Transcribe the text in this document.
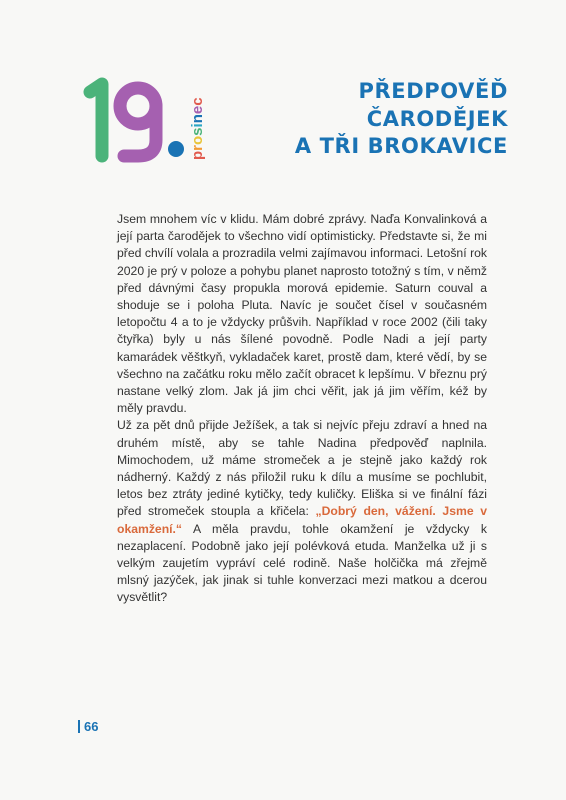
prosinec	PŘEDPOVĚĎ
ČARODĚJEK
A TŘI BROKAVICE

Jsem mnohem víc v klidu. Mám dobré zprávy. Naďa Konvalinková a její parta čarodějek to všechno vidí optimisticky. Představte si, že mi před chvílí volala a prozradila velmi zajímavou informaci. Letošní rok 2020 je prý v poloze a pohybu planet naprosto totožný s tím, v němž před dávnými časy propukla morová epidemie. Saturn couval a shoduje se i poloha Pluta. Navíc je součet čísel v současném letopočtu 4 a to je vždycky průšvih. Například v roce 2002 (čili taky čtyřka) byly u nás šílené povodně. Podle Nadi a její party kamarádek věštkyň, vykladaček karet, prostě dam, které vědí, by se všechno na začátku roku mělo začít obracet k lepšímu. V březnu prý nastane velký zlom. Jak já jim chci věřit, jak já jim věřím, kéž by měly pravdu.

Už za pět dnů přijde Ježíšek, a tak si nejvíc přeju zdraví a hned na druhém místě, aby se tahle Nadina předpověď naplnila. Mimochodem, už máme stromeček a je stejně jako každý rok nádherný. Každý z nás přiložil ruku k dílu a musíme se pochlubit, letos bez ztráty jediné kytičky, tedy kuličky. Eliška si ve finální fázi před stromeček stoupla a křičela: „Dobrý den, vážení. Jsme v okamžení.“ A měla pravdu, tohle okamžení je vždycky k nezaplacení. Podobně jako její polévková etuda. Manželka už ji s velkým zaujetím vypráví celé rodině. Naše holčička má zřejmě mlsný jazýček, jak jinak si tuhle konverzaci mezi matkou a dcerou vysvětlit?

66
